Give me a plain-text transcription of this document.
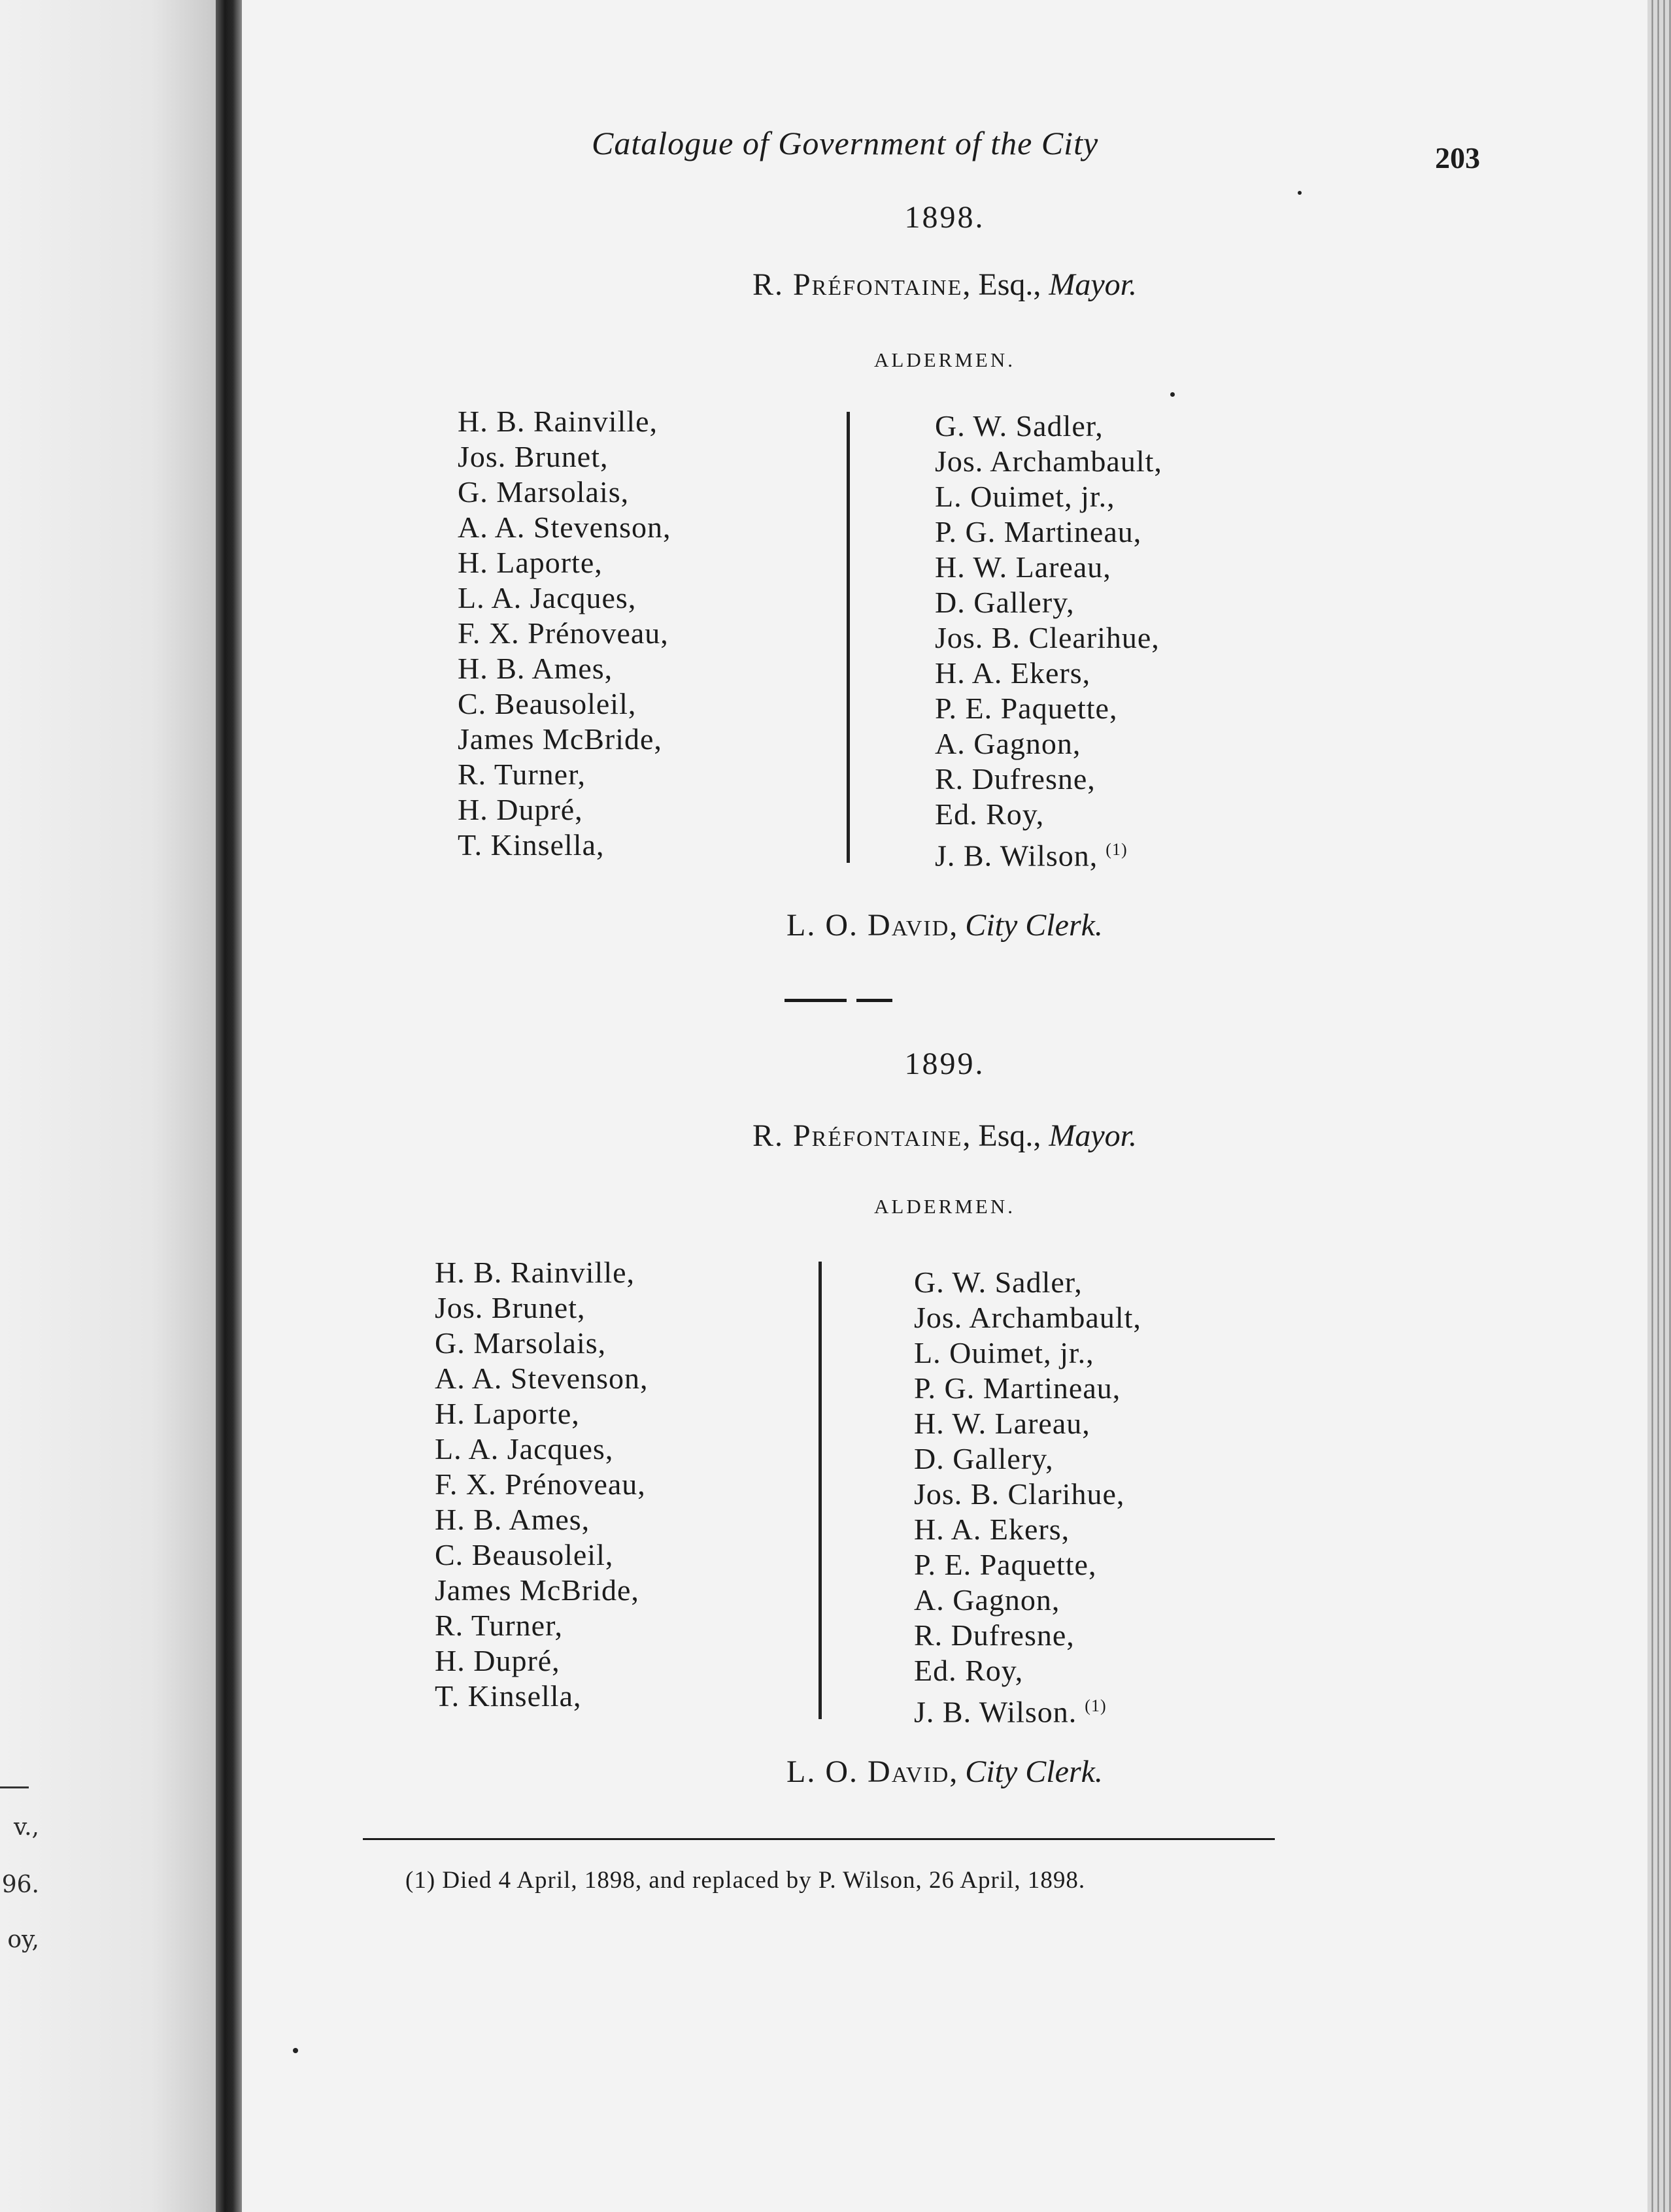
v.,
96.
oy,
Catalogue of Government of the City	203
1898.
R. Préfontaine, Esq., Mayor.
ALDERMEN.
H. B. Rainville,
Jos. Brunet,
G. Marsolais,
A. A. Stevenson,
H. Laporte,
L. A. Jacques,
F. X. Prénoveau,
H. B. Ames,
C. Beausoleil,
James McBride,
R. Turner,
H. Dupré,
T. Kinsella,
G. W. Sadler,
Jos. Archambault,
L. Ouimet, jr.,
P. G. Martineau,
H. W. Lareau,
D. Gallery,
Jos. B. Clearihue,
H. A. Ekers,
P. E. Paquette,
A. Gagnon,
R. Dufresne,
Ed. Roy,
J. B. Wilson, $^{(1)}$
L. O. David, City Clerk.
1899.
R. Préfontaine, Esq., Mayor.
ALDERMEN.
H. B. Rainville,
Jos. Brunet,
G. Marsolais,
A. A. Stevenson,
H. Laporte,
L. A. Jacques,
F. X. Prénoveau,
H. B. Ames,
C. Beausoleil,
James McBride,
R. Turner,
H. Dupré,
T. Kinsella,
G. W. Sadler,
Jos. Archambault,
L. Ouimet, jr.,
P. G. Martineau,
H. W. Lareau,
D. Gallery,
Jos. B. Clarihue,
H. A. Ekers,
P. E. Paquette,
A. Gagnon,
R. Dufresne,
Ed. Roy,
J. B. Wilson. $^{(1)}$
L. O. David, City Clerk.
(1) Died 4 April, 1898, and replaced by P. Wilson, 26 April, 1898.
